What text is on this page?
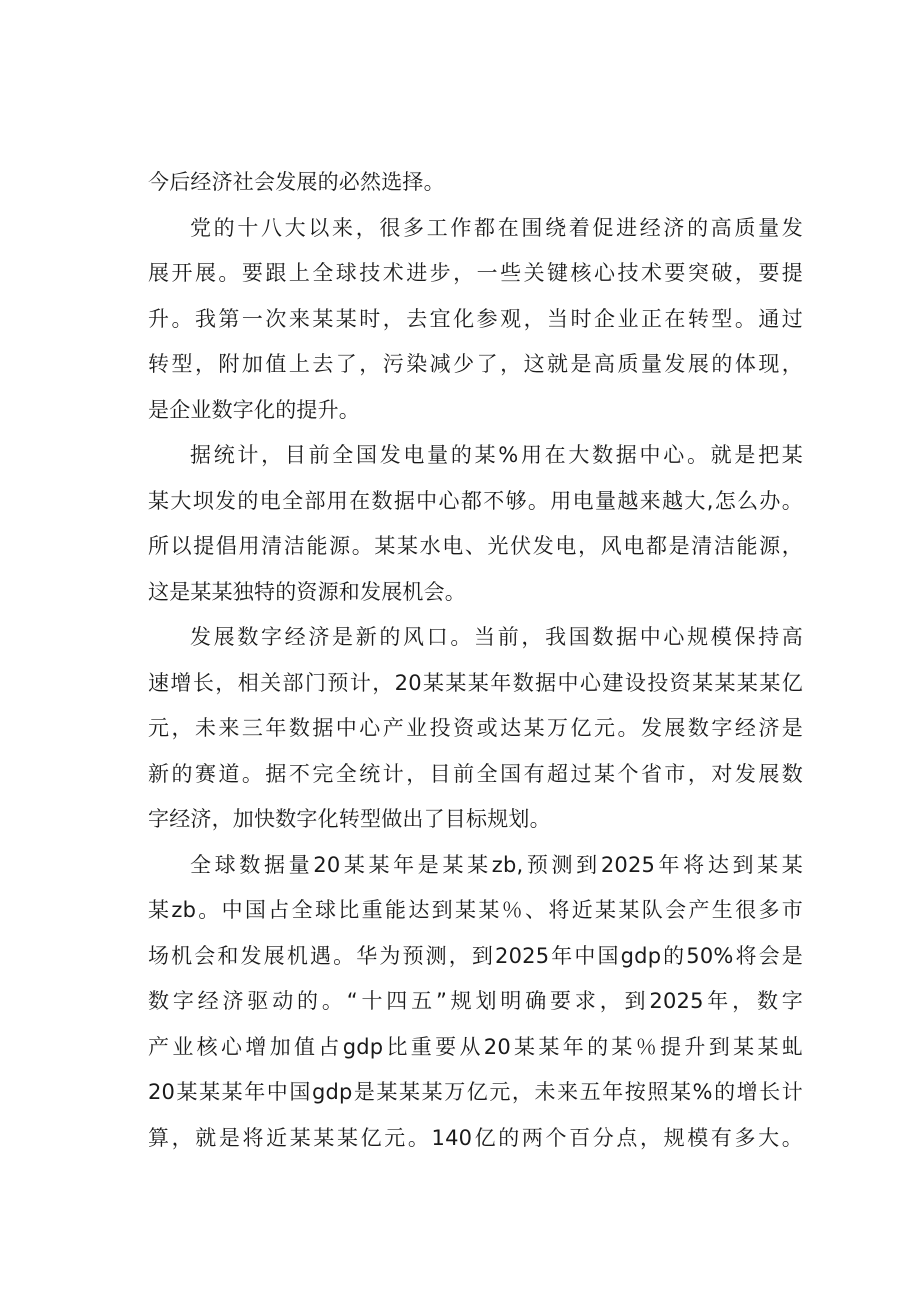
今后经济社会发展的必然选择。
党的十八大以来，很多工作都在围绕着促进经济的高质量发
展开展。要跟上全球技术进步，一些关键核心技术要突破，要提
升。我第一次来某某时，去宜化参观，当时企业正在转型。通过
转型，附加值上去了，污染减少了，这就是高质量发展的体现，
是企业数字化的提升。
据统计，目前全国发电量的某%用在大数据中心。就是把某
某大坝发的电全部用在数据中心都不够。用电量越来越大,怎么办。
所以提倡用清洁能源。某某水电、光伏发电，风电都是清洁能源，
这是某某独特的资源和发展机会。
发展数字经济是新的风口。当前，我国数据中心规模保持高
速增长，相关部门预计，20某某某年数据中心建设投资某某某某亿
元，未来三年数据中心产业投资或达某万亿元。发展数字经济是
新的赛道。据不完全统计，目前全国有超过某个省市，对发展数
字经济，加快数字化转型做出了目标规划。
全球数据量20某某年是某某zb,预测到2025年将达到某某
某zb。中国占全球比重能达到某某％、将近某某队会产生很多市
场机会和发展机遇。华为预测，到2025年中国gdp的50%将会是
数字经济驱动的。“十四五”规划明确要求，到2025年，数字
产业核心增加值占gdp比重要从20某某年的某％提升到某某虬
20某某某年中国gdp是某某某万亿元，未来五年按照某%的增长计
算，就是将近某某某亿元。140亿的两个百分点，规模有多大。
